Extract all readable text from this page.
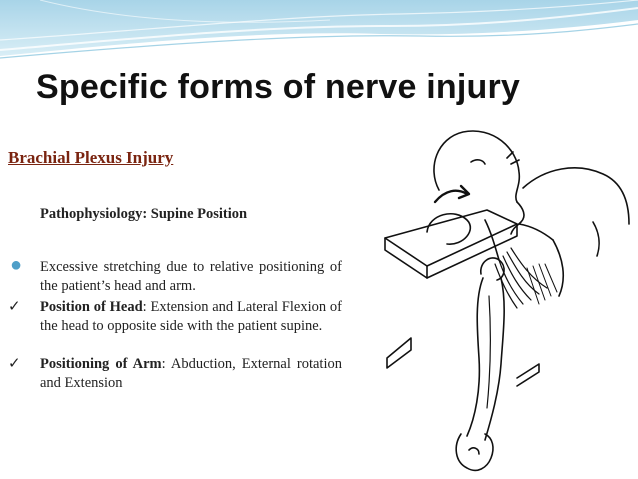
Specific forms of nerve injury
Brachial Plexus Injury
Pathophysiology: Supine Position
● Excessive stretching due to relative positioning of the patient’s head and arm.
✓ Position of Head: Extension and Lateral Flexion of the head to opposite side with the patient supine.
✓ Positioning of Arm: Abduction, External rotation and Extension
